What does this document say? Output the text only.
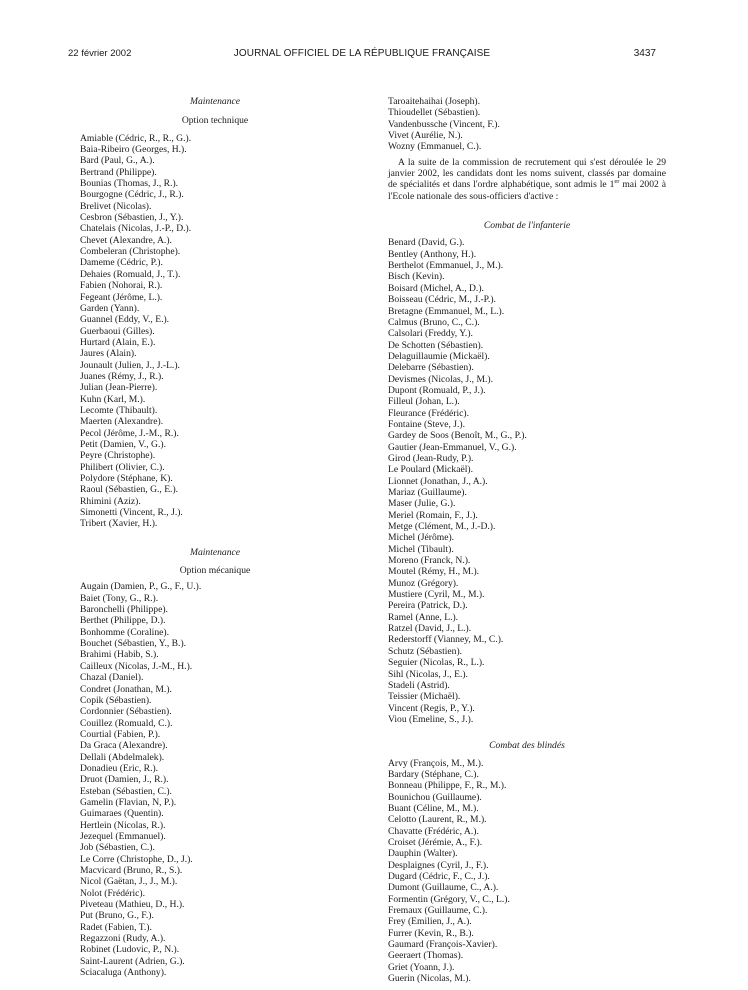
22 février 2002	JOURNAL OFFICIEL DE LA RÉPUBLIQUE FRANÇAISE	3437
Maintenance
Option technique
Amiable (Cédric, R., R., G.).
Baia-Ribeiro (Georges, H.).
Bard (Paul, G., A.).
Bertrand (Philippe).
Bounias (Thomas, J., R.).
Bourgogne (Cédric, J., R.).
Brelivet (Nicolas).
Cesbron (Sébastien, J., Y.).
Chatelais (Nicolas, J.-P., D.).
Chevet (Alexandre, A.).
Combeleran (Christophe).
Dameme (Cédric, P.).
Dehaies (Romuald, J., T.).
Fabien (Nohorai, R.).
Fegeant (Jérôme, L.).
Garden (Yann).
Guannel (Eddy, V., E.).
Guerbaoui (Gilles).
Hurtard (Alain, E.).
Jaures (Alain).
Jounault (Julien, J., J.-L.).
Juanes (Rémy, J., R.).
Julian (Jean-Pierre).
Kuhn (Karl, M.).
Lecomte (Thibault).
Maerten (Alexandre).
Pecol (Jérôme, J.-M., R.).
Petit (Damien, V., G.).
Peyre (Christophe).
Philibert (Olivier, C.).
Polydore (Stéphane, K).
Raoul (Sébastien, G., E.).
Rhimini (Aziz).
Simonetti (Vincent, R., J.).
Tribert (Xavier, H.).
Maintenance
Option mécanique
Augain (Damien, P., G., F., U.).
Baiet (Tony, G., R.).
Baronchelli (Philippe).
Berthet (Philippe, D.).
Bonhomme (Coraline).
Bouchet (Sébastien, Y., B.).
Brahimi (Habib, S.).
Cailleux (Nicolas, J.-M., H.).
Chazal (Daniel).
Condret (Jonathan, M.).
Copik (Sébastien).
Cordonnier (Sébastien).
Couillez (Romuald, C.).
Courtial (Fabien, P.).
Da Graca (Alexandre).
Dellali (Abdelmalek).
Donadieu (Eric, R.).
Druot (Damien, J., R.).
Esteban (Sébastien, C.).
Gamelin (Flavian, N, P.).
Guimaraes (Quentin).
Hertlein (Nicolas, R.).
Jezequel (Emmanuel).
Job (Sébastien, C.).
Le Corre (Christophe, D., J.).
Macvicard (Bruno, R., S.).
Nicol (Gaëtan, J., J., M.).
Nolot (Frédéric).
Piveteau (Mathieu, D., H.).
Put (Bruno, G., F.).
Radet (Fabien, T.).
Regazzoni (Rudy, A.).
Robinet (Ludovic, P., N.).
Saint-Laurent (Adrien, G.).
Sciacaluga (Anthony).
Taroaitehaihai (Joseph).
Thioudellet (Sébastien).
Vandenbussche (Vincent, F.).
Vivet (Aurélie, N.).
Wozny (Emmanuel, C.).

A la suite de la commission de recrutement qui s'est déroulée le 29 janvier 2002, les candidats dont les noms suivent, classés par domaine de spécialités et dans l'ordre alphabétique, sont admis le 1er mai 2002 à l'Ecole nationale des sous-officiers d'active :

Combat de l'infanterie
Benard (David, G.).
Bentley (Anthony, H.).
Berthelot (Emmanuel, J., M.).
Bisch (Kevin).
Boisard (Michel, A., D.).
Boisseau (Cédric, M., J.-P.).
Bretagne (Emmanuel, M., L.).
Calmus (Bruno, C., C.).
Calsolari (Freddy, Y.).
De Schotten (Sébastien).
Delaguillaumie (Mickaël).
Delebarre (Sébastien).
Devismes (Nicolas, J., M.).
Dupont (Romuald, P., J.).
Filleul (Johan, L.).
Fleurance (Frédéric).
Fontaine (Steve, J.).
Gardey de Soos (Benoît, M., G., P.).
Gautier (Jean-Emmanuel, V., G.).
Girod (Jean-Rudy, P.).
Le Poulard (Mickaël).
Lionnet (Jonathan, J., A.).
Mariaz (Guillaume).
Maser (Julie, G.).
Meriel (Romain, F., J.).
Metge (Clément, M., J.-D.).
Michel (Jérôme).
Michel (Tibault).
Moreno (Franck, N.).
Moutel (Rémy, H., M.).
Munoz (Grégory).
Mustiere (Cyril, M., M.).
Pereira (Patrick, D.).
Ramel (Anne, L.).
Ratzel (David, J., L.).
Rederstorff (Vianney, M., C.).
Schutz (Sébastien).
Seguier (Nicolas, R., L.).
Sihl (Nicolas, J., E.).
Stadeli (Astrid).
Teissier (Michaël).
Vincent (Regis, P., Y.).
Viou (Emeline, S., J.).
Combat des blindés
Arvy (François, M., M.).
Bardary (Stéphane, C.).
Bonneau (Philippe, F., R., M.).
Bounichou (Guillaume).
Buant (Céline, M., M.).
Celotto (Laurent, R., M.).
Chavatte (Frédéric, A.).
Croiset (Jérémie, A., F.).
Dauphin (Walter).
Desplaignes (Cyril, J., F.).
Dugard (Cédric, F., C., J.).
Dumont (Guillaume, C., A.).
Formentin (Grégory, V., C., L.).
Fremaux (Guillaume, C.).
Frey (Emilien, J., A.).
Furrer (Kevin, R., B.).
Gaumard (François-Xavier).
Geeraert (Thomas).
Griet (Yoann, J.).
Guerin (Nicolas, M.).
